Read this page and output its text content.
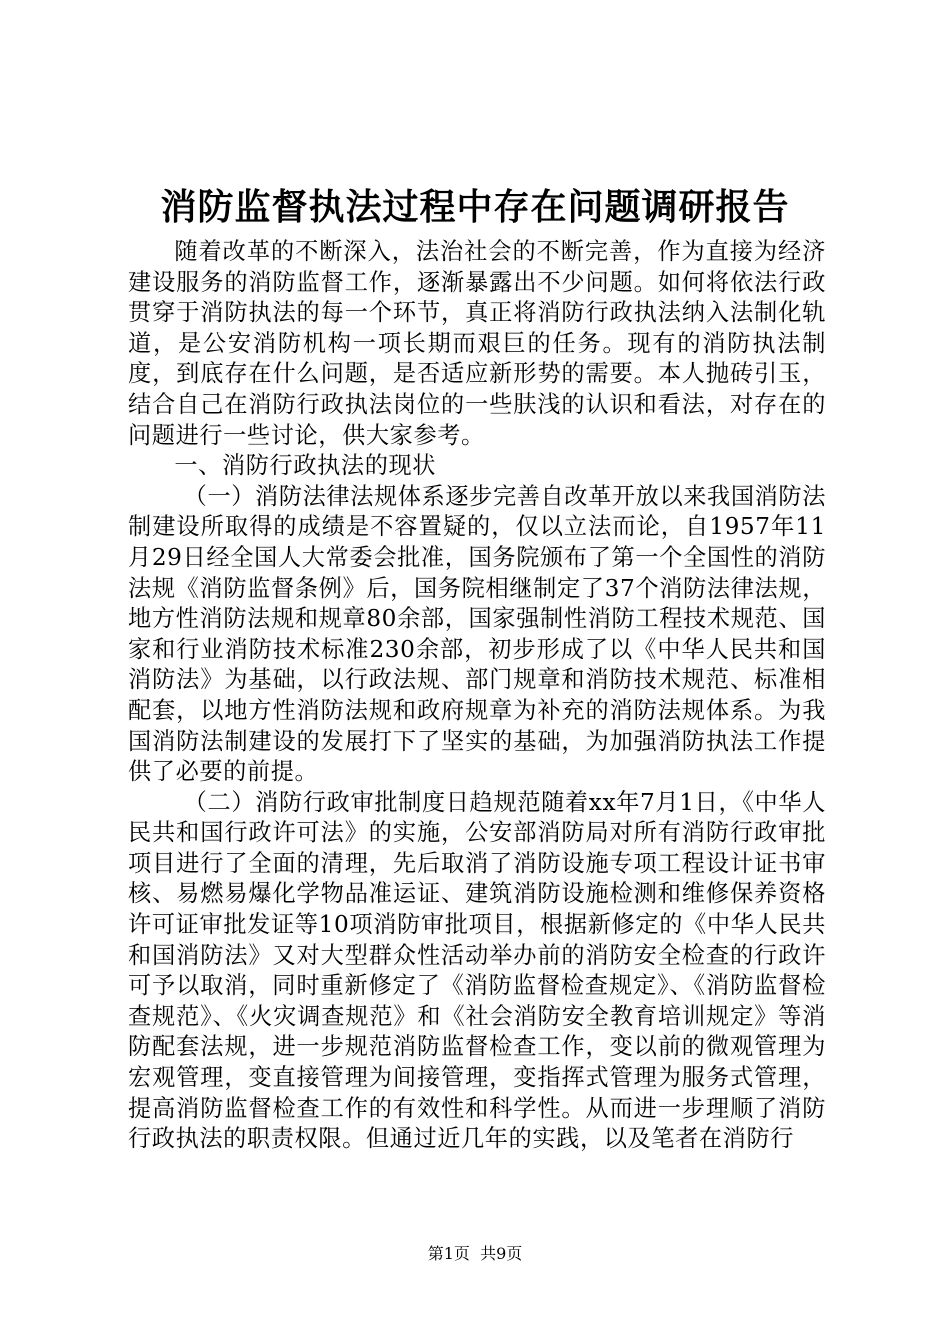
消防监督执法过程中存在问题调研报告

随着改革的不断深入，法治社会的不断完善，作为直接为经济建设服务的消防监督工作，逐渐暴露出不少问题。如何将依法行政贯穿于消防执法的每一个环节，真正将消防行政执法纳入法制化轨道，是公安消防机构一项长期而艰巨的任务。现有的消防执法制度，到底存在什么问题，是否适应新形势的需要。本人抛砖引玉，结合自己在消防行政执法岗位的一些肤浅的认识和看法，对存在的问题进行一些讨论，供大家参考。

一、消防行政执法的现状

（一）消防法律法规体系逐步完善自改革开放以来我国消防法制建设所取得的成绩是不容置疑的，仅以立法而论，自1957年11月29日经全国人大常委会批准，国务院颁布了第一个全国性的消防法规《消防监督条例》后，国务院相继制定了37个消防法律法规，地方性消防法规和规章80余部，国家强制性消防工程技术规范、国家和行业消防技术标准230余部，初步形成了以《中华人民共和国消防法》为基础，以行政法规、部门规章和消防技术规范、标准相配套，以地方性消防法规和政府规章为补充的消防法规体系。为我国消防法制建设的发展打下了坚实的基础，为加强消防执法工作提供了必要的前提。

（二）消防行政审批制度日趋规范随着xx年7月1日，《中华人民共和国行政许可法》的实施，公安部消防局对所有消防行政审批项目进行了全面的清理，先后取消了消防设施专项工程设计证书审核、易燃易爆化学物品准运证、建筑消防设施检测和维修保养资格许可证审批发证等10项消防审批项目，根据新修定的《中华人民共和国消防法》又对大型群众性活动举办前的消防安全检查的行政许可予以取消，同时重新修定了《消防监督检查规定》、《消防监督检查规范》、《火灾调查规范》和《社会消防安全教育培训规定》等消防配套法规，进一步规范消防监督检查工作，变以前的微观管理为宏观管理，变直接管理为间接管理，变指挥式管理为服务式管理，提高消防监督检查工作的有效性和科学性。从而进一步理顺了消防行政执法的职责权限。但通过近几年的实践，以及笔者在消防行

第1页  共9页
